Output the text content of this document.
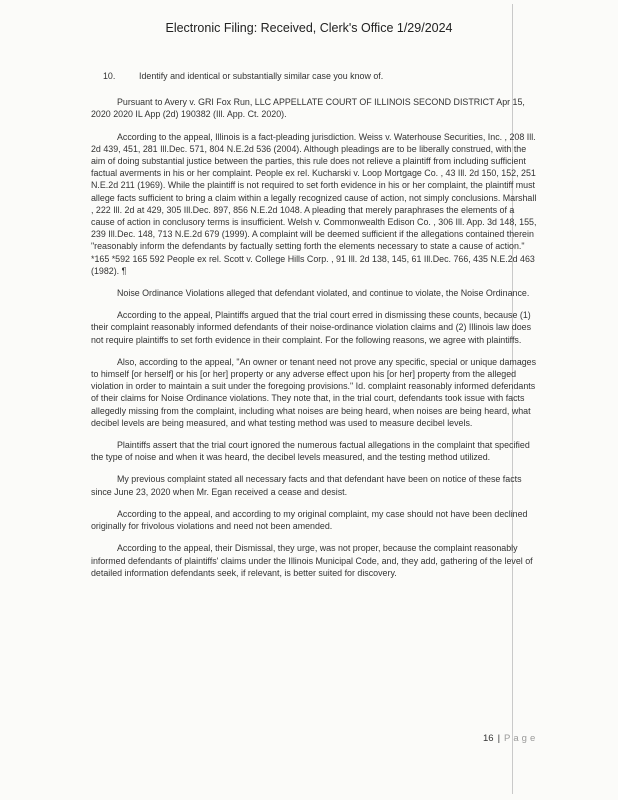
Electronic Filing: Received, Clerk's Office 1/29/2024

10.	Identify and identical or substantially similar case you know of.

Pursuant to Avery v. GRI Fox Run, LLC APPELLATE COURT OF ILLINOIS SECOND DISTRICT Apr 15, 2020 2020 IL App (2d) 190382 (Ill. App. Ct. 2020).

According to the appeal, Illinois is a fact-pleading jurisdiction. Weiss v. Waterhouse Securities, Inc. , 208 Ill. 2d 439, 451, 281 Ill.Dec. 571, 804 N.E.2d 536 (2004). Although pleadings are to be liberally construed, with the aim of doing substantial justice between the parties, this rule does not relieve a plaintiff from including sufficient factual averments in his or her complaint. People ex rel. Kucharski v. Loop Mortgage Co. , 43 Ill. 2d 150, 152, 251 N.E.2d 211 (1969). While the plaintiff is not required to set forth evidence in his or her complaint, the plaintiff must allege facts sufficient to bring a claim within a legally recognized cause of action, not simply conclusions. Marshall , 222 Ill. 2d at 429, 305 Ill.Dec. 897, 856 N.E.2d 1048. A pleading that merely paraphrases the elements of a cause of action in conclusory terms is insufficient. Welsh v. Commonwealth Edison Co. , 306 Ill. App. 3d 148, 155, 239 Ill.Dec. 148, 713 N.E.2d 679 (1999). A complaint will be deemed sufficient if the allegations contained therein "reasonably inform the defendants by factually setting forth the elements necessary to state a cause of action." *165 *592 165 592 People ex rel. Scott v. College Hills Corp. , 91 Ill. 2d 138, 145, 61 Ill.Dec. 766, 435 N.E.2d 463 (1982). ¶

Noise Ordinance Violations alleged that defendant violated, and continue to violate, the Noise Ordinance.

According to the appeal, Plaintiffs argued that the trial court erred in dismissing these counts, because (1) their complaint reasonably informed defendants of their noise-ordinance violation claims and (2) Illinois law does not require plaintiffs to set forth evidence in their complaint. For the following reasons, we agree with plaintiffs.

Also, according to the appeal, "An owner or tenant need not prove any specific, special or unique damages to himself [or herself] or his [or her] property or any adverse effect upon his [or her] property from the alleged violation in order to maintain a suit under the foregoing provisions." Id. complaint reasonably informed defendants of their claims for Noise Ordinance violations. They note that, in the trial court, defendants took issue with facts allegedly missing from the complaint, including what noises are being heard, when noises are being heard, what decibel levels are being measured, and what testing method was used to measure decibel levels.

Plaintiffs assert that the trial court ignored the numerous factual allegations in the complaint that specified the type of noise and when it was heard, the decibel levels measured, and the testing method utilized.

My previous complaint stated all necessary facts and that defendant have been on notice of these facts since June 23, 2020 when Mr. Egan received a cease and desist.

According to the appeal, and according to my original complaint, my case should not have been declined originally for frivolous violations and need not been amended.

According to the appeal, their Dismissal, they urge, was not proper, because the complaint reasonably informed defendants of plaintiffs' claims under the Illinois Municipal Code, and, they add, gathering of the level of detailed information defendants seek, if relevant, is better suited for discovery.

16 | Page
